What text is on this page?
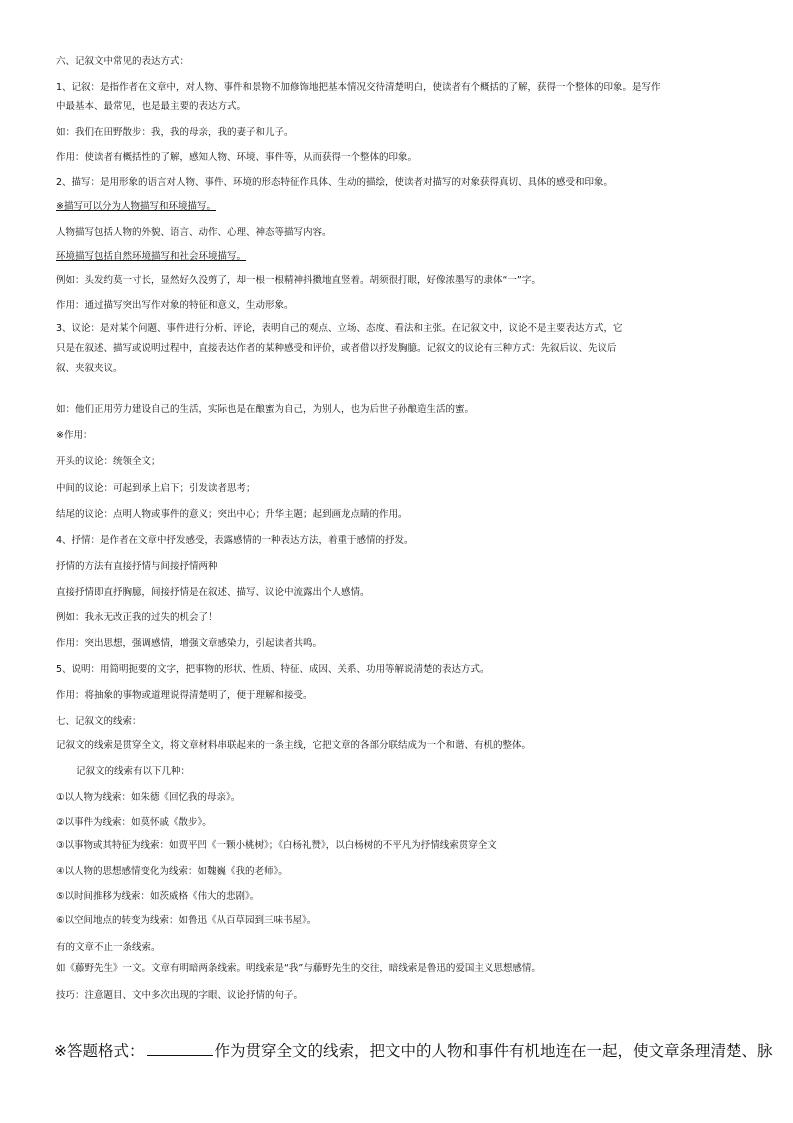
六、记叙文中常见的表达方式：
1、记叙：是指作者在文章中，对人物、事件和景物不加修饰地把基本情况交待清楚明白，使读者有个概括的了解，获得一个整体的印象。是写作
中最基本、最常见，也是最主要的表达方式。
如：我们在田野散步：我，我的母亲，我的妻子和儿子。
作用：使读者有概括性的了解，感知人物、环境、事件等，从而获得一个整体的印象。
2、描写：是用形象的语言对人物、事件、环境的形态特征作具体、生动的描绘，使读者对描写的对象获得真切、具体的感受和印象。
※描写可以分为人物描写和环境描写。
人物描写包括人物的外貌、语言、动作、心理、神态等描写内容。
环境描写包括自然环境描写和社会环境描写。
例如：头发约莫一寸长，显然好久没剪了，却一根一根精神抖擞地直竖着。胡须很打眼，好像浓墨写的隶体“一”字。
作用：通过描写突出写作对象的特征和意义，生动形象。
3、议论：是对某个问题、事件进行分析、评论，表明自己的观点、立场、态度、看法和主张。在记叙文中，议论不是主要表达方式，它
只是在叙述、描写或说明过程中，直接表达作者的某种感受和评价，或者借以抒发胸臆。记叙文的议论有三种方式：先叙后议、先议后
叙、夹叙夹议。
如：他们正用劳力建设自己的生活，实际也是在酿蜜为自己，为别人，也为后世子孙酿造生活的蜜。
※作用：
开头的议论：统领全文；
中间的议论：可起到承上启下；引发读者思考；
结尾的议论：点明人物或事件的意义；突出中心；升华主题；起到画龙点睛的作用。
4、抒情：是作者在文章中抒发感受，表露感情的一种表达方法，着重于感情的抒发。
抒情的方法有直接抒情与间接抒情两种
直接抒情即直抒胸臆，间接抒情是在叙述、描写、议论中流露出个人感情。
例如：我永无改正我的过失的机会了！
作用：突出思想，强调感情，增强文章感染力，引起读者共鸣。
5、说明：用简明扼要的文字，把事物的形状、性质、特征、成因、关系、功用等解说清楚的表达方式。
作用：将抽象的事物或道理说得清楚明了，便于理解和接受。
七、记叙文的线索：
记叙文的线索是贯穿全文，将文章材料串联起来的一条主线，它把文章的各部分联结成为一个和谐、有机的整体。
记叙文的线索有以下几种：
①以人物为线索：如朱德《回忆我的母亲》。
②以事件为线索：如莫怀戚《散步》。
③以事物或其特征为线索：如贾平凹《一颗小桃树》；《白杨礼赞》，以白杨树的不平凡为抒情线索贯穿全文
④以人物的思想感情变化为线索：如魏巍《我的老师》。
⑤以时间推移为线索：如茨威格《伟大的悲剧》。
⑥以空间地点的转变为线索：如鲁迅《从百草园到三味书屋》。
有的文章不止一条线索。
如《藤野先生》一文。文章有明暗两条线索。明线索是“我”与藤野先生的交往，暗线索是鲁迅的爱国主义思想感情。
技巧：注意题目、文中多次出现的字眼、议论抒情的句子。
※答题格式：	作为贯穿全文的线索，把文中的人物和事件有机地连在一起，使文章条理清楚、脉
